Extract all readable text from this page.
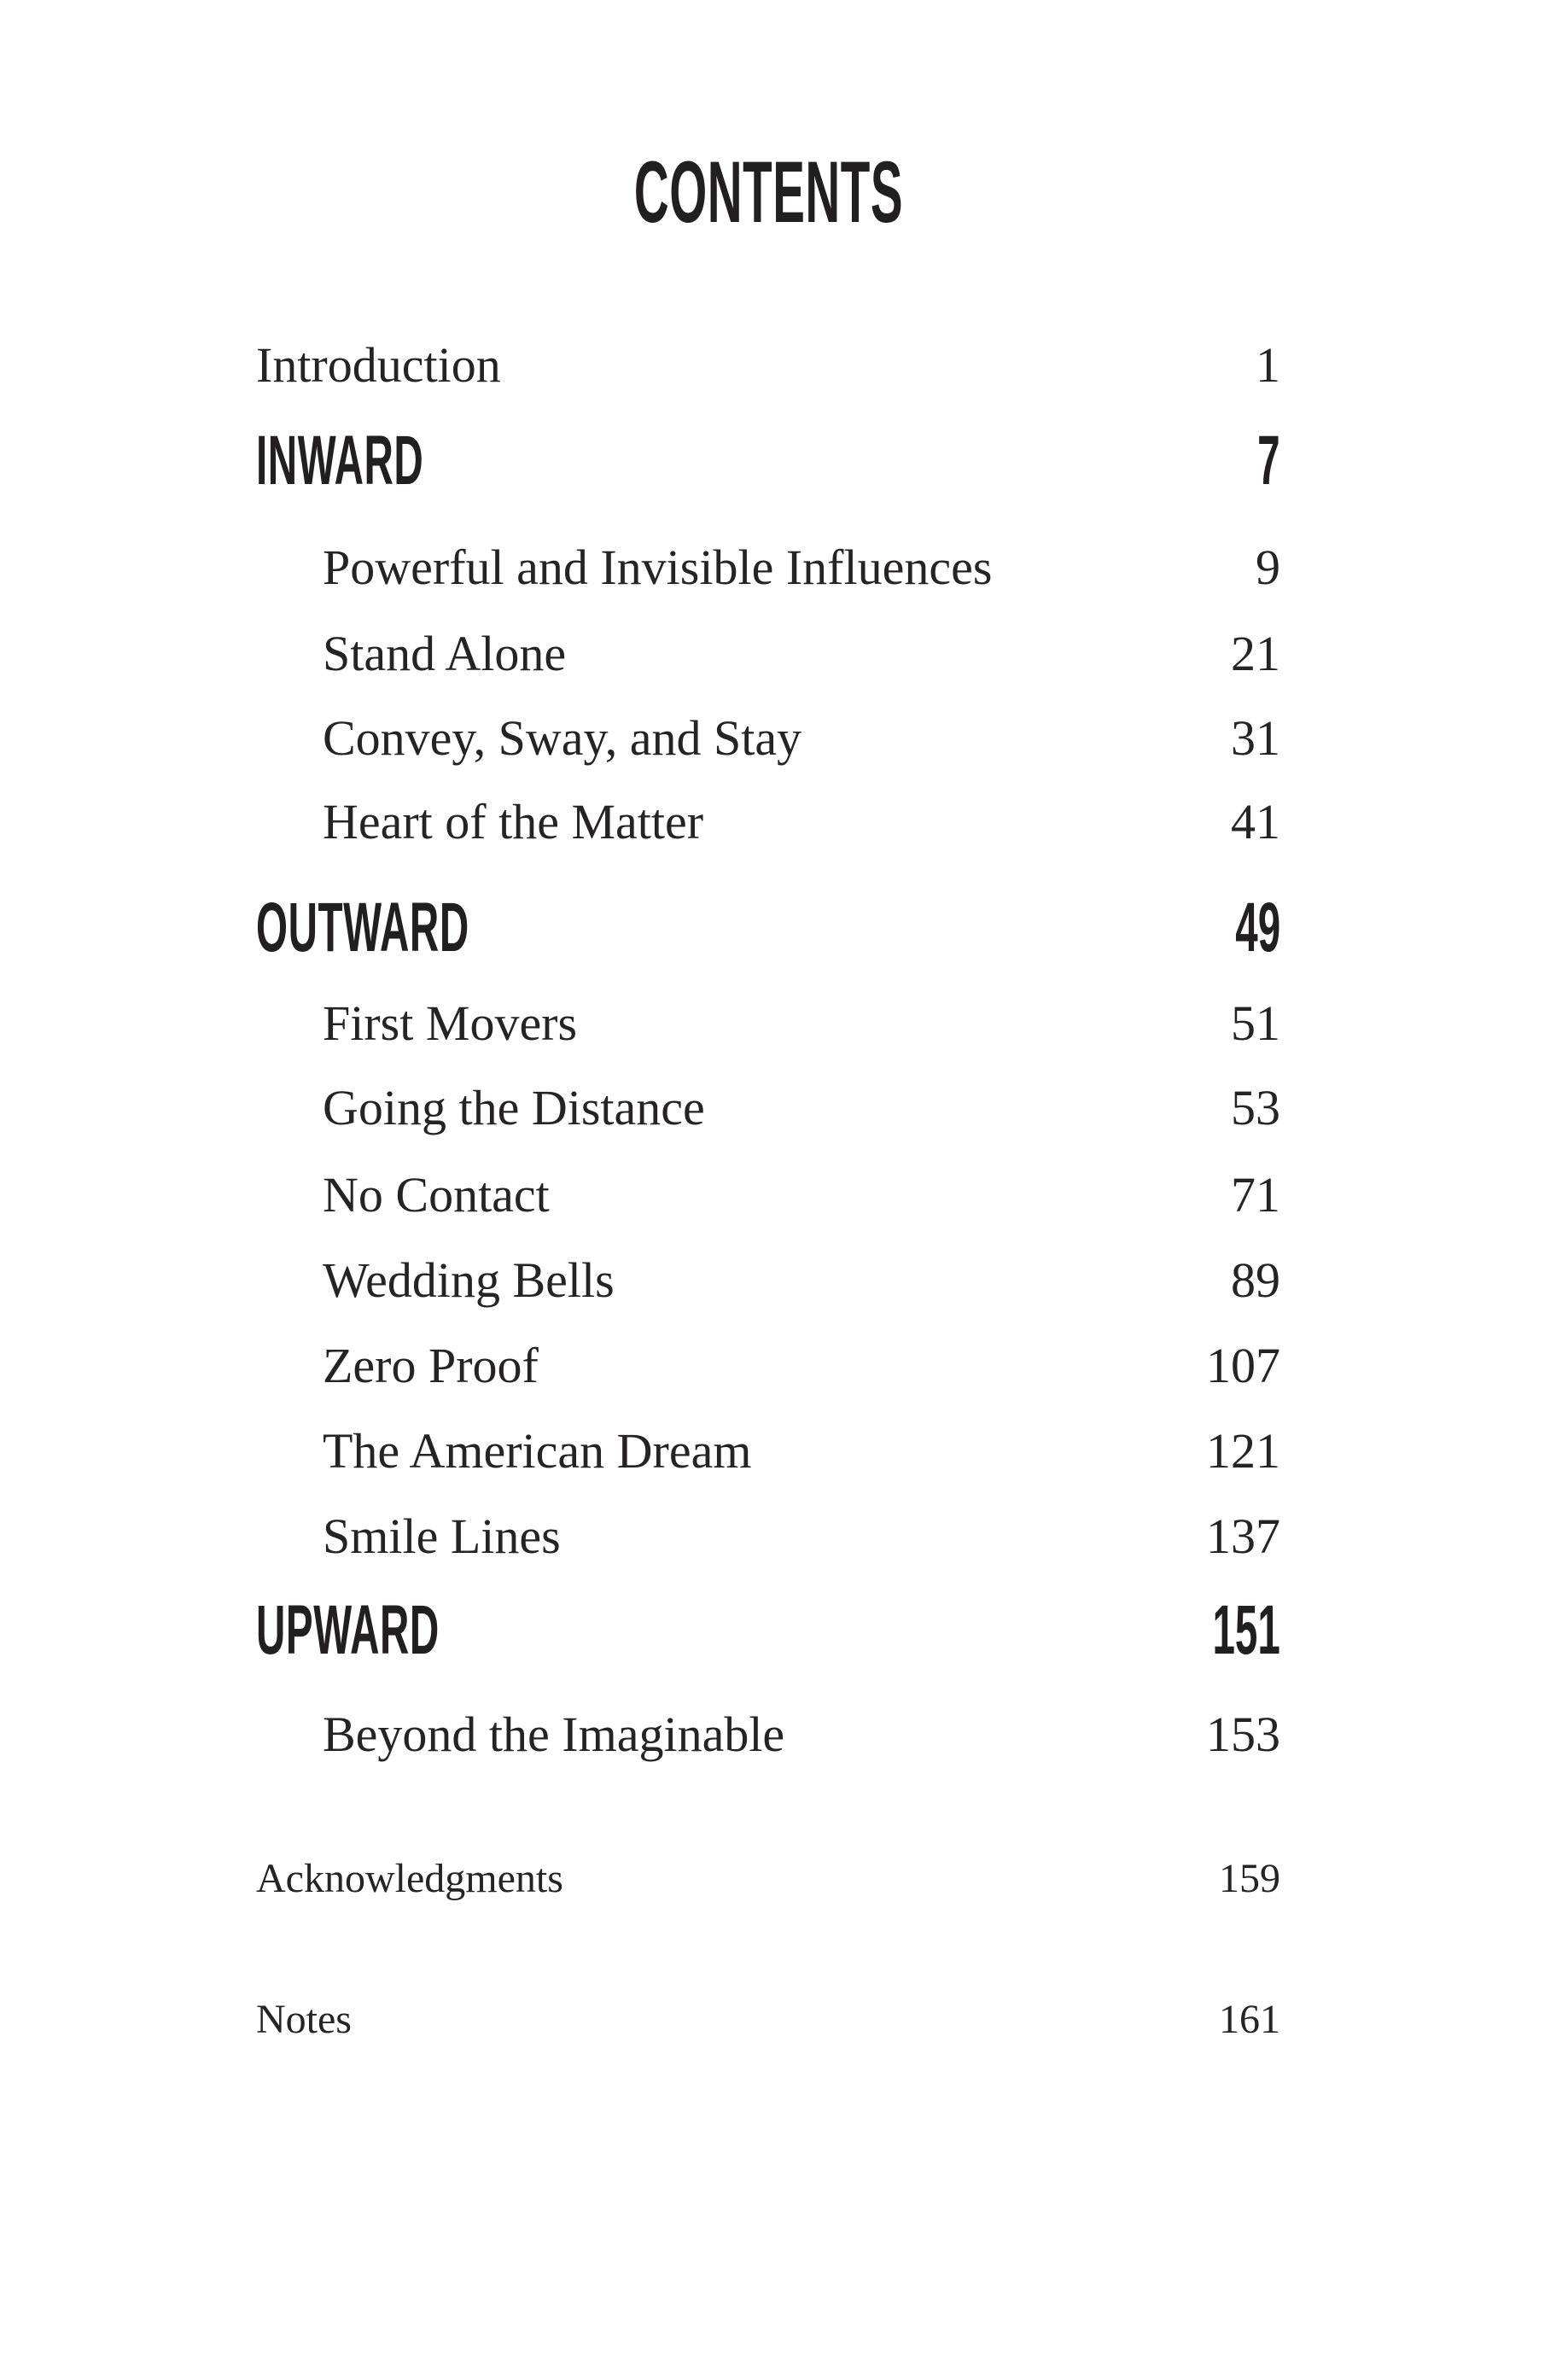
CONTENTS
Introduction	1
INWARD	7
Powerful and Invisible Influences	9
Stand Alone	21
Convey, Sway, and Stay	31
Heart of the Matter	41
OUTWARD	49
First Movers	51
Going the Distance	53
No Contact	71
Wedding Bells	89
Zero Proof	107
The American Dream	121
Smile Lines	137
UPWARD	151
Beyond the Imaginable	153
Acknowledgments	159
Notes	161
